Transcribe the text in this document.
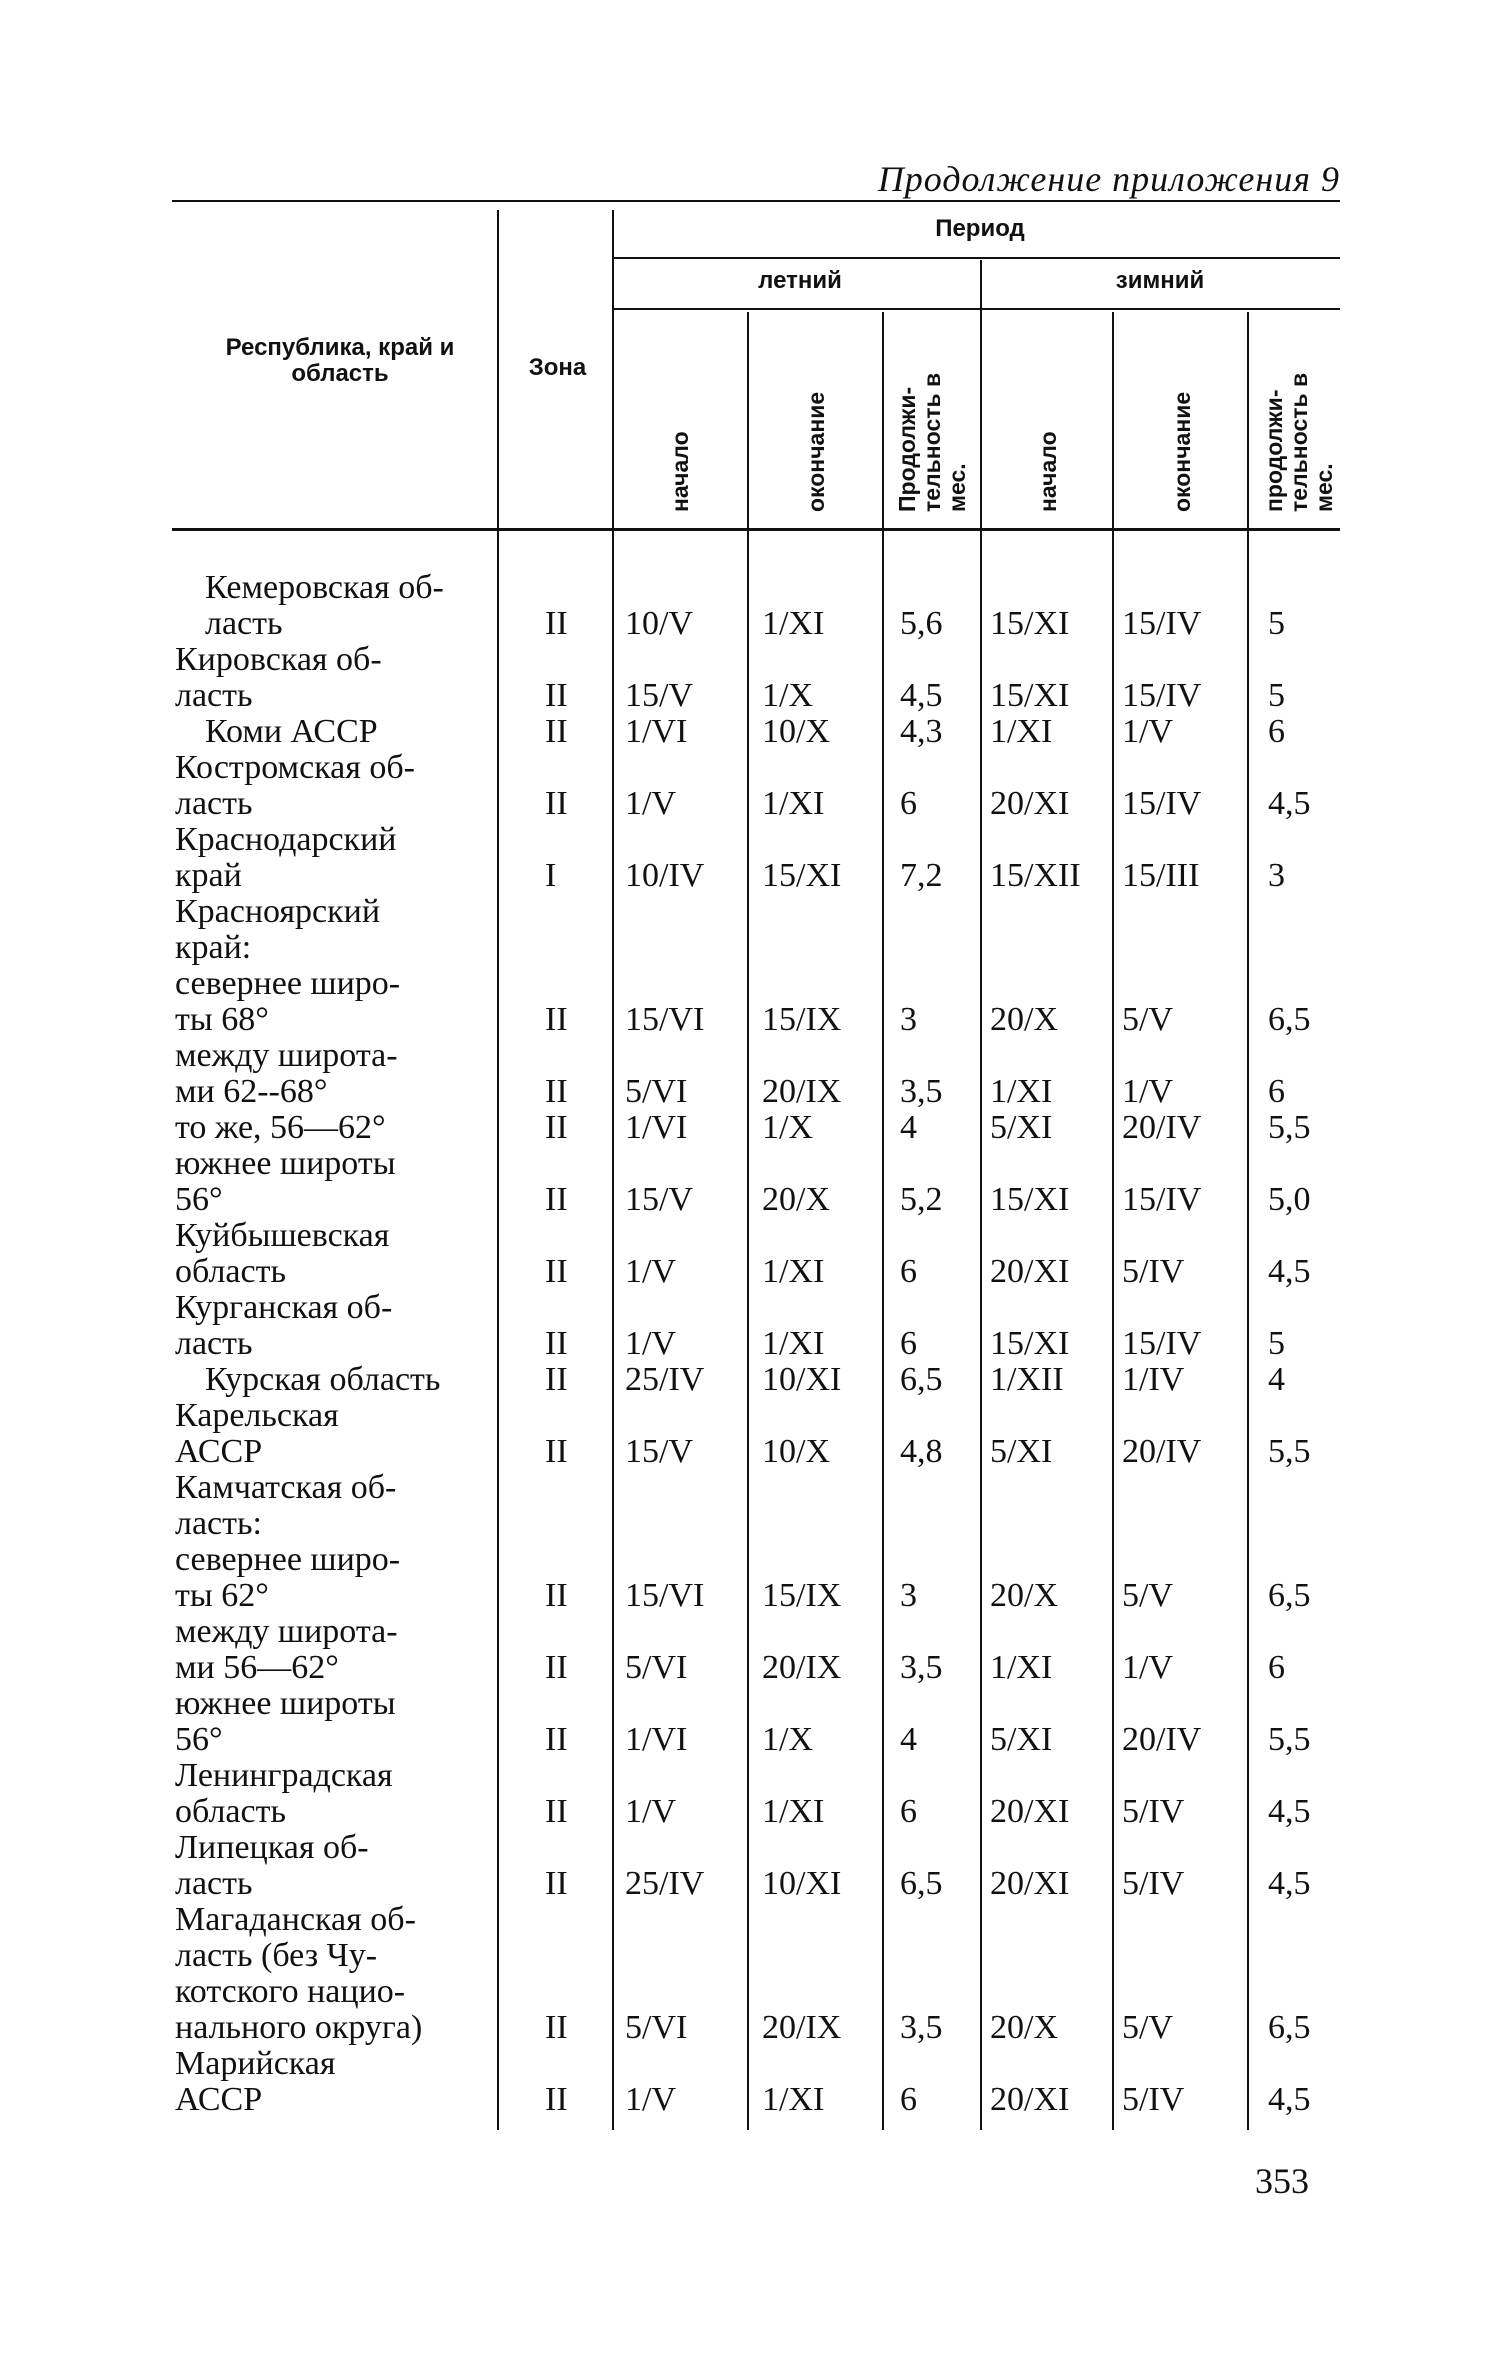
Продолжение приложения 9
Республика, край и область	Зона
Период
летний	зимний
начало	окончание	Продолжи-тельность в мес.	начало	окончание	продолжи-тельность в мес.
Кемеровская об-
ласть	II 10/V 1/XI 5,6 15/XI 15/IV 5
Кировская об-
ласть	II 15/V 1/X	4,5 15/XI 15/IV 5
Коми АССР	II 1/VI 10/X 4,3 1/XI 1/V	6
Костромская об-
ласть	II 1/V	1/XI 6 20/XI 15/IV 4,5
Краснодарский
край	I 10/IV 15/XI 7,2 15/XII 15/III 3
Красноярский
край:
севернее широ-
ты 68°	II 15/VI 15/IX 3 20/X 5/V	6,5
между широта-
ми 62--68°	II 5/VI 20/IX 3,5 1/XI 1/V	6
то же, 56—62°	II 1/VI 1/X	4 5/XI 20/IV 5,5
южнее широты
56°	II 15/V 20/X 5,2 15/XI 15/IV 5,0
Куйбышевская
область	II 1/V	1/XI 6 20/XI 5/IV 4,5
Курганская об-
ласть	II 1/V	1/XI 6 15/XI 15/IV 5
Курская область	II 25/IV 10/XI 6,5 1/XII 1/IV 4
Карельская
АССР	II 15/V 10/X 4,8 5/XI 20/IV 5,5
Камчатская об-
ласть:
севернее широ-
ты 62°	II 15/VI 15/IX 3 20/X 5/V	6,5
между широта-
ми 56—62°	II 5/VI 20/IX 3,5 1/XI 1/V	6
южнее широты
56°	II 1/VI 1/X	4 5/XI 20/IV 5,5
Ленинградская
область	II 1/V	1/XI 6 20/XI 5/IV 4,5
Липецкая об-
ласть	II 25/IV 10/XI 6,5 20/XI 5/IV 4,5
Магаданская об-
ласть (без Чу-
котского нацио-
нального округа)	II 5/VI 20/IX 3,5 20/X 5/V	6,5
Марийская
АССР	II 1/V	1/XI 6 20/XI 5/IV 4,5
353
